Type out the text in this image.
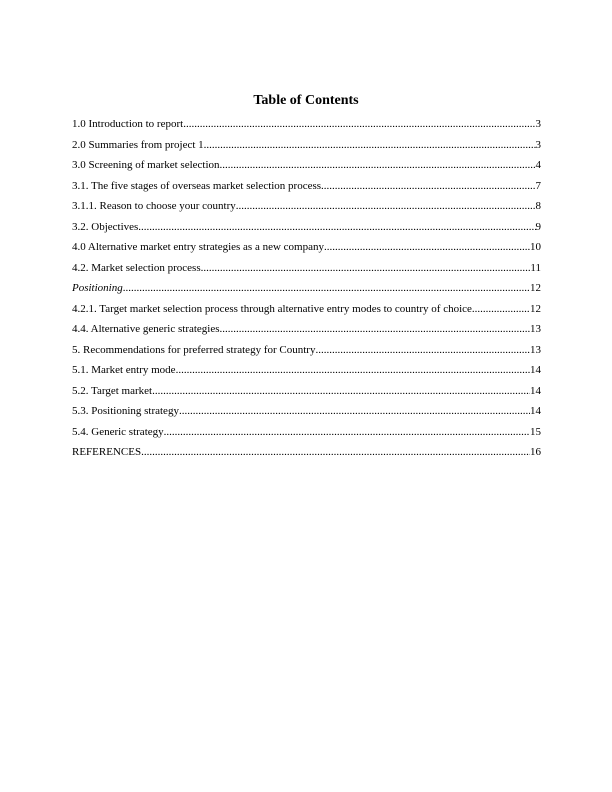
Table of Contents
1.0 Introduction to report .....	3
2.0 Summaries from project 1 .....	3
3.0 Screening of market selection .....	4
3.1. The five stages of overseas market selection process .....	7
3.1.1. Reason to choose your country .....	8
3.2. Objectives .....	9
4.0 Alternative market entry strategies as a new company .....	10
4.2. Market selection process .....	11
Positioning .....	12
4.2.1. Target market selection process through alternative entry modes to country of choice .....	12
4.4. Alternative generic strategies .....	13
5. Recommendations for preferred strategy for Country .....	13
5.1. Market entry mode .....	14
5.2. Target market .....	14
5.3. Positioning strategy .....	14
5.4. Generic strategy .....	15
REFERENCES .....	16
